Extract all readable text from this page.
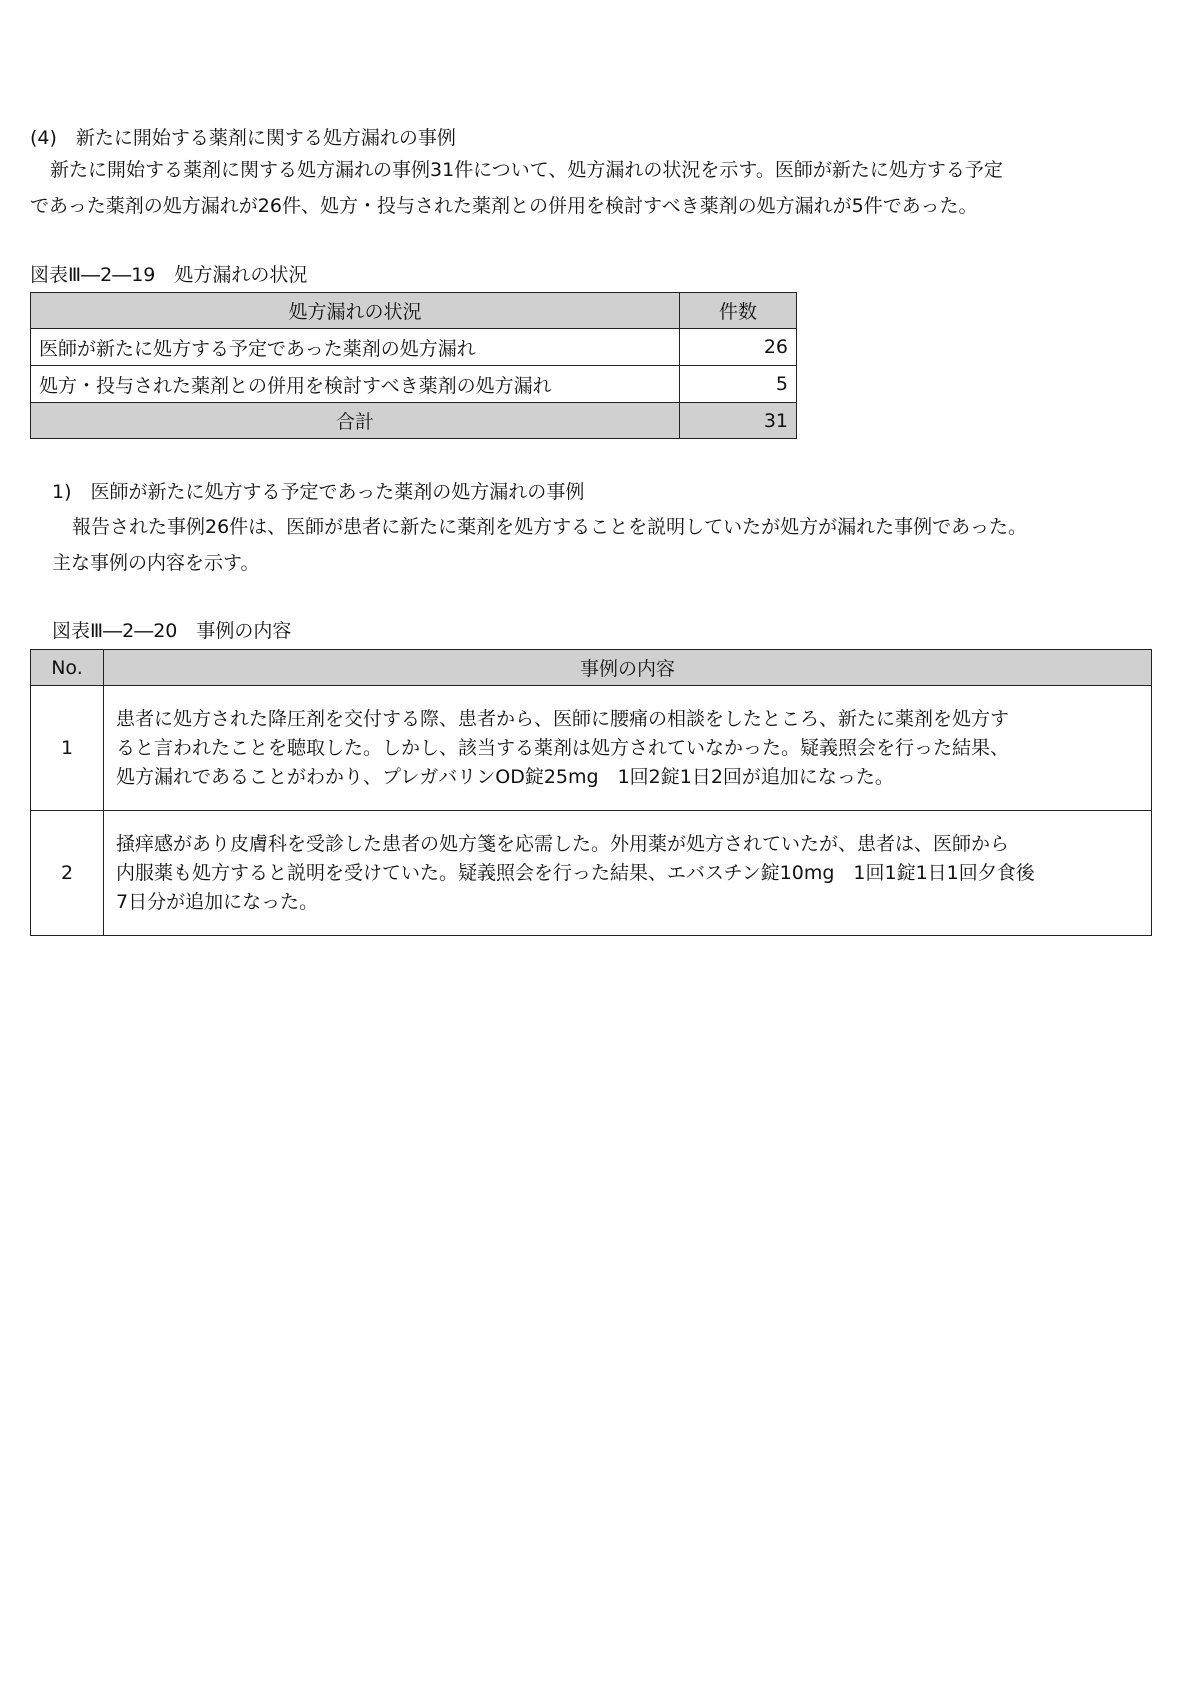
(4)　新たに開始する薬剤に関する処方漏れの事例

新たに開始する薬剤に関する処方漏れの事例31件について、処方漏れの状況を示す。医師が新たに処方する予定

であった薬剤の処方漏れが26件、処方・投与された薬剤との併用を検討すべき薬剤の処方漏れが5件であった。

図表Ⅲ―2―19　処方漏れの状況
処方漏れの状況	件数
医師が新たに処方する予定であった薬剤の処方漏れ	26
処方・投与された薬剤との併用を検討すべき薬剤の処方漏れ	5
合計	31
1)　医師が新たに処方する予定であった薬剤の処方漏れの事例

報告された事例26件は、医師が患者に新たに薬剤を処方することを説明していたが処方が漏れた事例であった。

主な事例の内容を示す。

図表Ⅲ―2―20　事例の内容
No.	事例の内容
1	患者に処方された降圧剤を交付する際、患者から、医師に腰痛の相談をしたところ、新たに薬剤を処方す
ると言われたことを聴取した。しかし、該当する薬剤は処方されていなかった。疑義照会を行った結果、
処方漏れであることがわかり、プレガバリンOD錠25mg　1回2錠1日2回が追加になった。

2	掻痒感があり皮膚科を受診した患者の処方箋を応需した。外用薬が処方されていたが、患者は、医師から
内服薬も処方すると説明を受けていた。疑義照会を行った結果、エバスチン錠10mg　1回1錠1日1回夕食後
7日分が追加になった。
